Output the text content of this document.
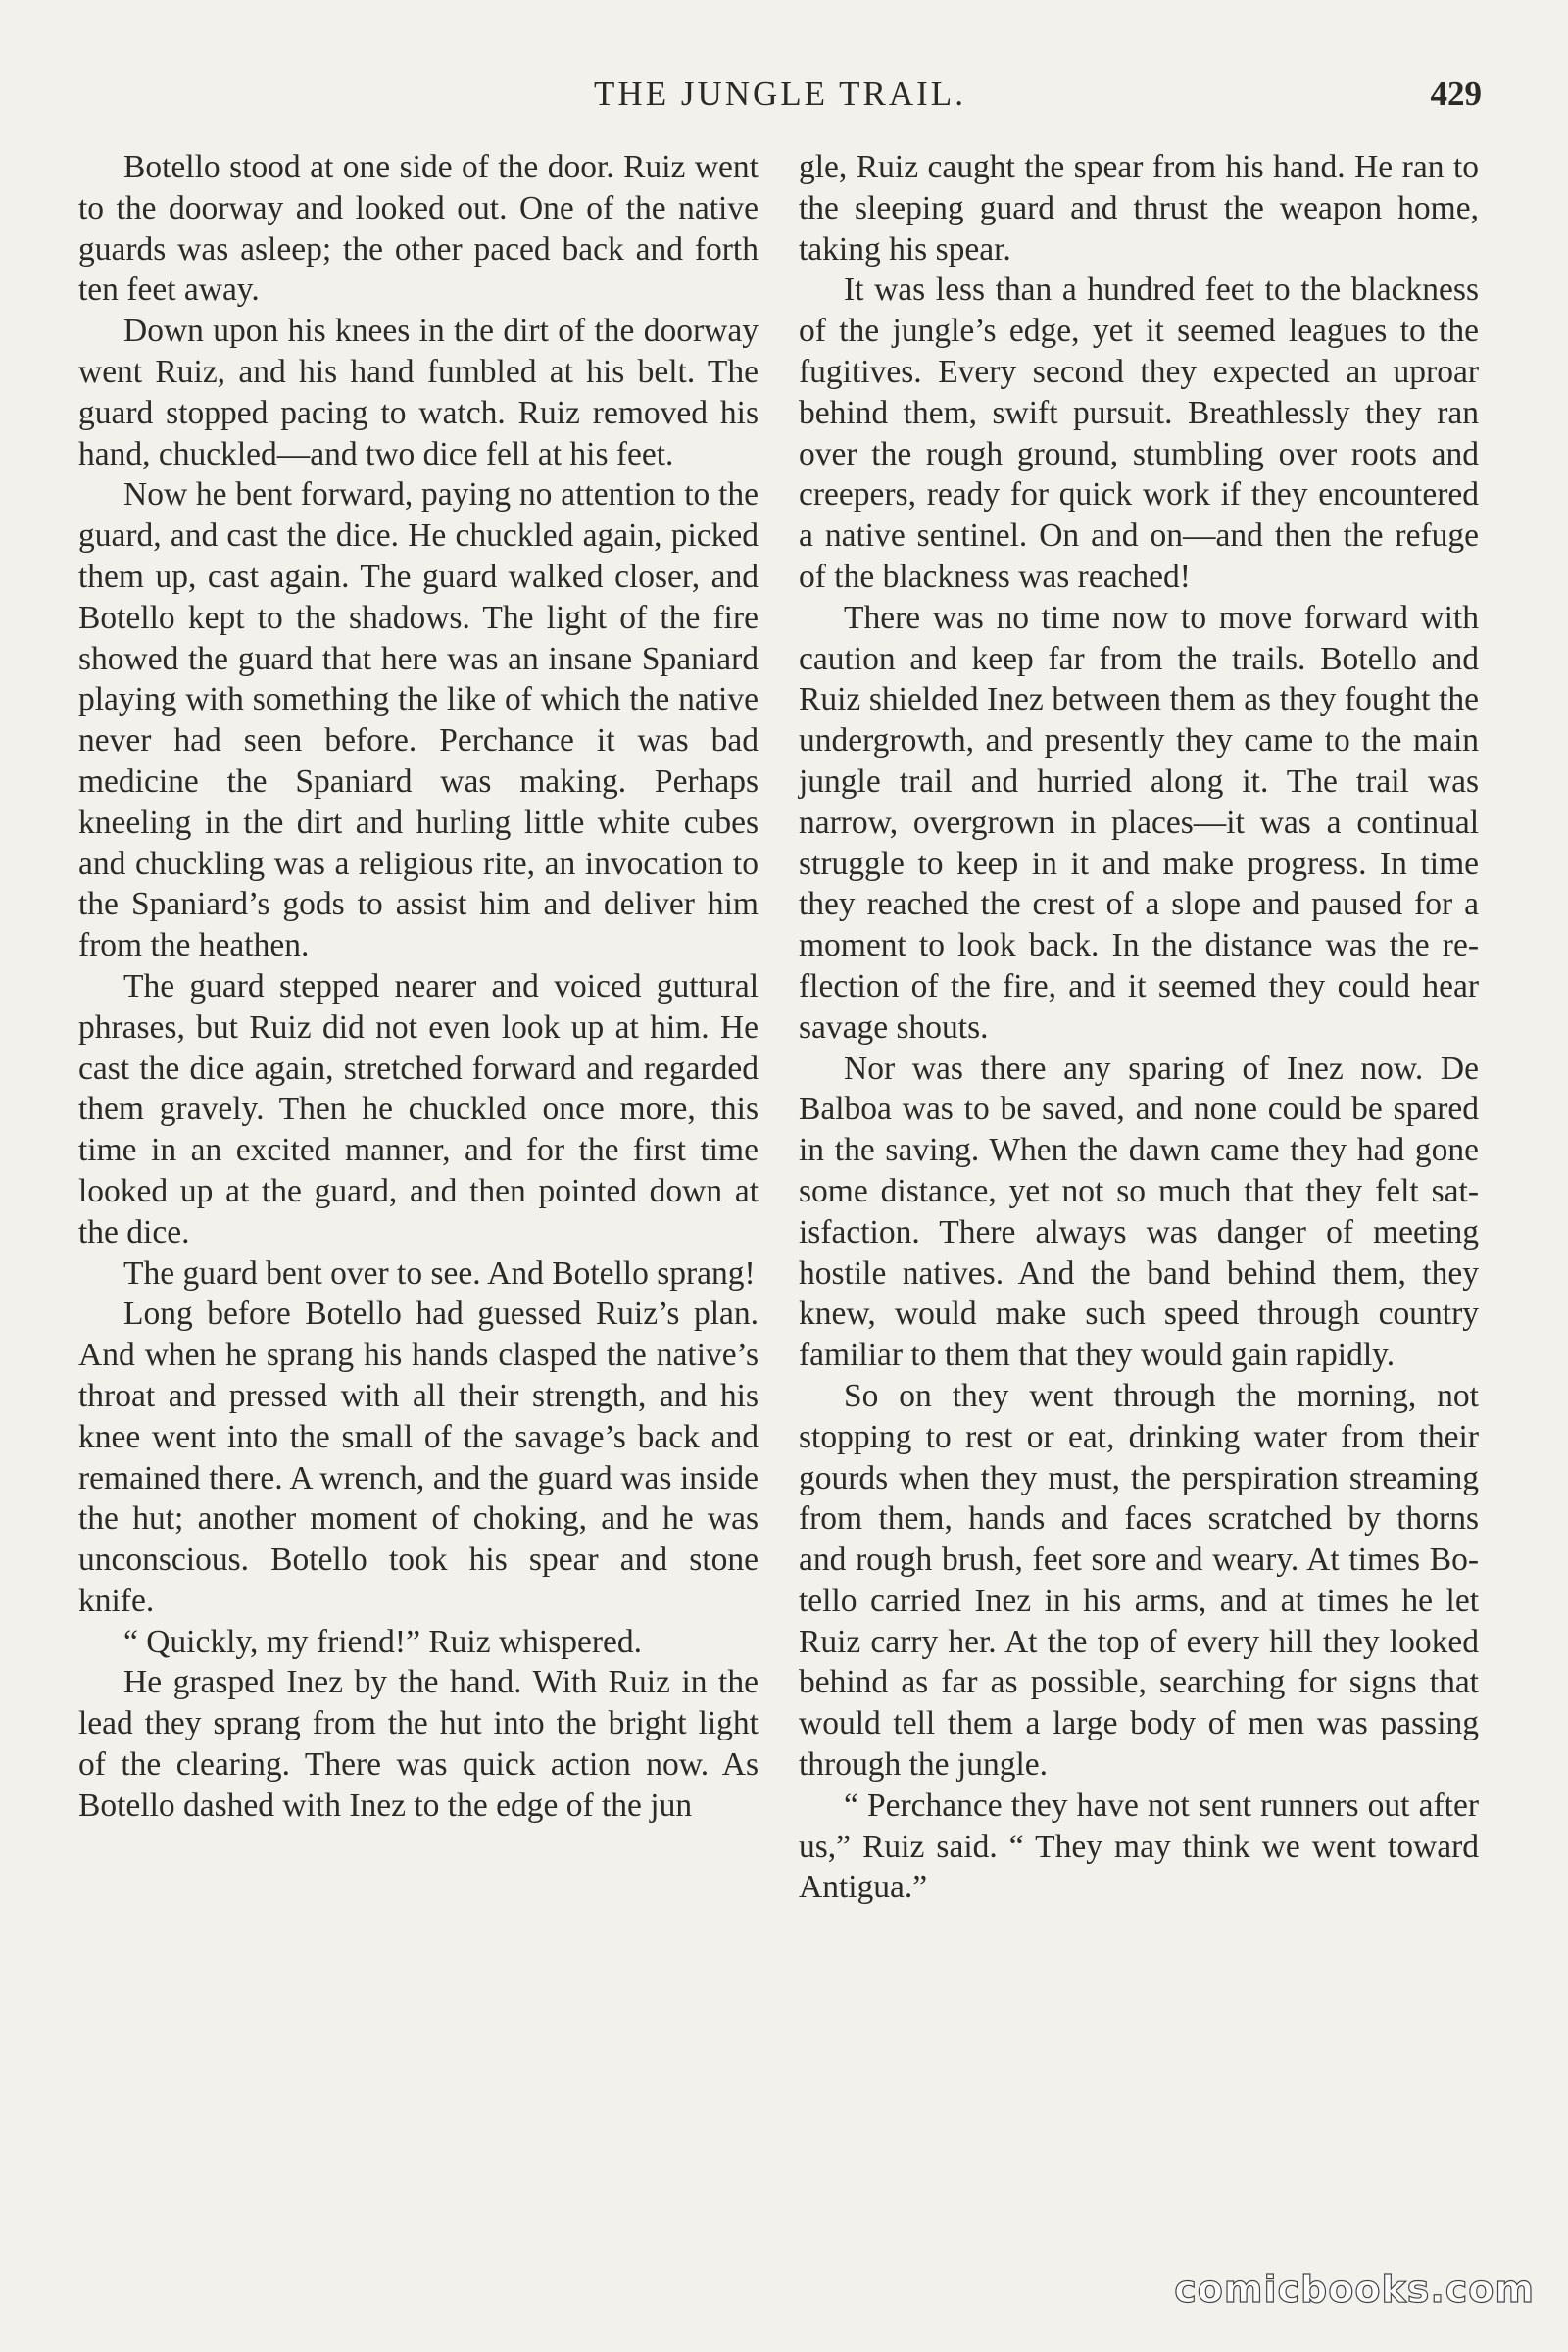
THE JUNGLE TRAIL.	429

Botello stood at one side of the door. Ruiz went to the doorway and looked out. One of the native guards was asleep; the other paced back and forth ten feet away.

Down upon his knees in the dirt of the doorway went Ruiz, and his hand fumbled at his belt. The guard stopped pacing to watch. Ruiz removed his hand, chuckled—and two dice fell at his feet.

Now he bent forward, paying no attention to the guard, and cast the dice. He chuckled again, picked them up, cast again. The guard walked closer, and Botello kept to the shadows. The light of the fire showed the guard that here was an insane Spaniard playing with something the like of which the native never had seen before. Perchance it was bad medicine the Spaniard was making. Perhaps kneeling in the dirt and hurling little white cubes and chuckling was a religious rite, an invocation to the Spaniard’s gods to assist him and deliver him from the heathen.

The guard stepped nearer and voiced guttural phrases, but Ruiz did not even look up at him. He cast the dice again, stretched forward and regarded them gravely. Then he chuckled once more, this time in an excited manner, and for the first time looked up at the guard, and then pointed down at the dice.

The guard bent over to see. And Botello sprang!

Long before Botello had guessed Ruiz’s plan. And when he sprang his hands clasped the native’s throat and pressed with all their strength, and his knee went into the small of the savage’s back and remained there. A wrench, and the guard was inside the hut; another moment of choking, and he was unconscious. Botello took his spear and stone knife.

“ Quickly, my friend!” Ruiz whispered.

He grasped Inez by the hand. With Ruiz in the lead they sprang from the hut into the bright light of the clearing. There was quick action now. As Botello dashed with Inez to the edge of the jun

gle, Ruiz caught the spear from his hand. He ran to the sleeping guard and thrust the weapon home, taking his spear.

It was less than a hundred feet to the blackness of the jungle’s edge, yet it seemed leagues to the fugitives. Every second they expected an uproar behind them, swift pursuit. Breathlessly they ran over the rough ground, stumbling over roots and creepers, ready for quick work if they encountered a native sentinel. On and on—and then the refuge of the blackness was reached!

There was no time now to move forward with caution and keep far from the trails. Botello and Ruiz shielded Inez between them as they fought the undergrowth, and presently they came to the main jungle trail and hurried along it. The trail was narrow, overgrown in places—it was a continual struggle to keep in it and make progress. In time they reached the crest of a slope and paused for a moment to look back. In the distance was the reflection of the fire, and it seemed they could hear savage shouts.

Nor was there any sparing of Inez now. De Balboa was to be saved, and none could be spared in the saving. When the dawn came they had gone some distance, yet not so much that they felt satisfaction. There always was danger of meeting hostile natives. And the band behind them, they knew, would make such speed through country familiar to them that they would gain rapidly.

So on they went through the morning, not stopping to rest or eat, drinking water from their gourds when they must, the perspiration streaming from them, hands and faces scratched by thorns and rough brush, feet sore and weary. At times Botello carried Inez in his arms, and at times he let Ruiz carry her. At the top of every hill they looked behind as far as possible, searching for signs that would tell them a large body of men was passing through the jungle.

“ Perchance they have not sent runners out after us,” Ruiz said. “ They may think we went toward Antigua.”

comicbooks.com
